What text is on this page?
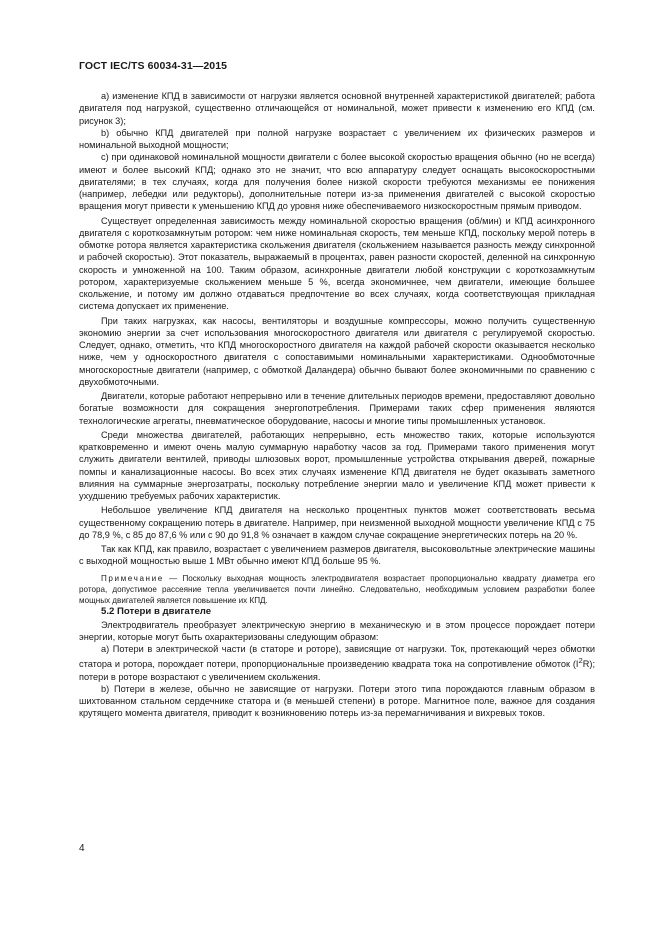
ГОСТ IEC/TS 60034-31—2015

а) изменение КПД в зависимости от нагрузки является основной внутренней характеристикой двигателей; работа двигателя под нагрузкой, существенно отличающейся от номинальной, может привести к изменению его КПД (см. рисунок 3);

b) обычно КПД двигателей при полной нагрузке возрастает с увеличением их физических размеров и номинальной выходной мощности;

c) при одинаковой номинальной мощности двигатели с более высокой скоростью вращения обычно (но не всегда) имеют и более высокий КПД; однако это не значит, что всю аппаратуру следует оснащать высокоскоростными двигателями; в тех случаях, когда для получения более низкой скорости требуются механизмы ее понижения (например, лебедки или редукторы), дополнительные потери из-за применения двигателей с высокой скоростью вращения могут привести к уменьшению КПД до уровня ниже обеспечиваемого низкоскоростным прямым приводом.

Существует определенная зависимость между номинальной скоростью вращения (об/мин) и КПД асинхронного двигателя с короткозамкнутым ротором: чем ниже номинальная скорость, тем меньше КПД, поскольку мерой потерь в обмотке ротора является характеристика скольжения двигателя (скольжением называется разность между синхронной и рабочей скоростью). Этот показатель, выражаемый в процентах, равен разности скоростей, деленной на синхронную скорость и умноженной на 100. Таким образом, асинхронные двигатели любой конструкции с короткозамкнутым ротором, характеризуемые скольжением меньше 5 %, всегда экономичнее, чем двигатели, имеющие большее скольжение, и потому им должно отдаваться предпочтение во всех случаях, когда соответствующая прикладная система допускает их применение.

При таких нагрузках, как насосы, вентиляторы и воздушные компрессоры, можно получить существенную экономию энергии за счет использования многоскоростного двигателя или двигателя с регулируемой скоростью. Следует, однако, отметить, что КПД многоскоростного двигателя на каждой рабочей скорости оказывается несколько ниже, чем у односкоростного двигателя с сопоставимыми номинальными характеристиками. Однообмоточные многоскоростные двигатели (например, с обмоткой Даландера) обычно бывают более экономичными по сравнению с двухобмоточными.

Двигатели, которые работают непрерывно или в течение длительных периодов времени, предоставляют довольно богатые возможности для сокращения энергопотребления. Примерами таких сфер применения являются технологические агрегаты, пневматическое оборудование, насосы и многие типы промышленных установок.

Среди множества двигателей, работающих непрерывно, есть множество таких, которые используются кратковременно и имеют очень малую суммарную наработку часов за год. Примерами такого применения могут служить двигатели вентилей, приводы шлюзовых ворот, промышленные устройства открывания дверей, пожарные помпы и канализационные насосы. Во всех этих случаях изменение КПД двигателя не будет оказывать заметного влияния на суммарные энергозатраты, поскольку потребление энергии мало и увеличение КПД может привести к ухудшению требуемых рабочих характеристик.

Небольшое увеличение КПД двигателя на несколько процентных пунктов может соответствовать весьма существенному сокращению потерь в двигателе. Например, при неизменной выходной мощности увеличение КПД с 75 до 78,9 %, с 85 до 87,6 % или с 90 до 91,8 % означает в каждом случае сокращение энергетических потерь на 20 %.

Так как КПД, как правило, возрастает с увеличением размеров двигателя, высоковольтные электрические машины с выходной мощностью выше 1 МВт обычно имеют КПД больше 95 %.

Примечание — Поскольку выходная мощность электродвигателя возрастает пропорционально квадрату диаметра его ротора, допустимое рассеяние тепла увеличивается почти линейно. Следовательно, необходимым условием разработки более мощных двигателей является повышение их КПД.

5.2 Потери в двигателе

Электродвигатель преобразует электрическую энергию в механическую и в этом процессе порождает потери энергии, которые могут быть охарактеризованы следующим образом:

а) Потери в электрической части (в статоре и роторе), зависящие от нагрузки. Ток, протекающий через обмотки статора и ротора, порождает потери, пропорциональные произведению квадрата тока на сопротивление обмоток $(I^2R)$; потери в роторе возрастают с увеличением скольжения.

b) Потери в железе, обычно не зависящие от нагрузки. Потери этого типа порождаются главным образом в шихтованном стальном сердечнике статора и (в меньшей степени) в роторе. Магнитное поле, важное для создания крутящего момента двигателя, приводит к возникновению потерь из-за перемагничивания и вихревых токов.

4
